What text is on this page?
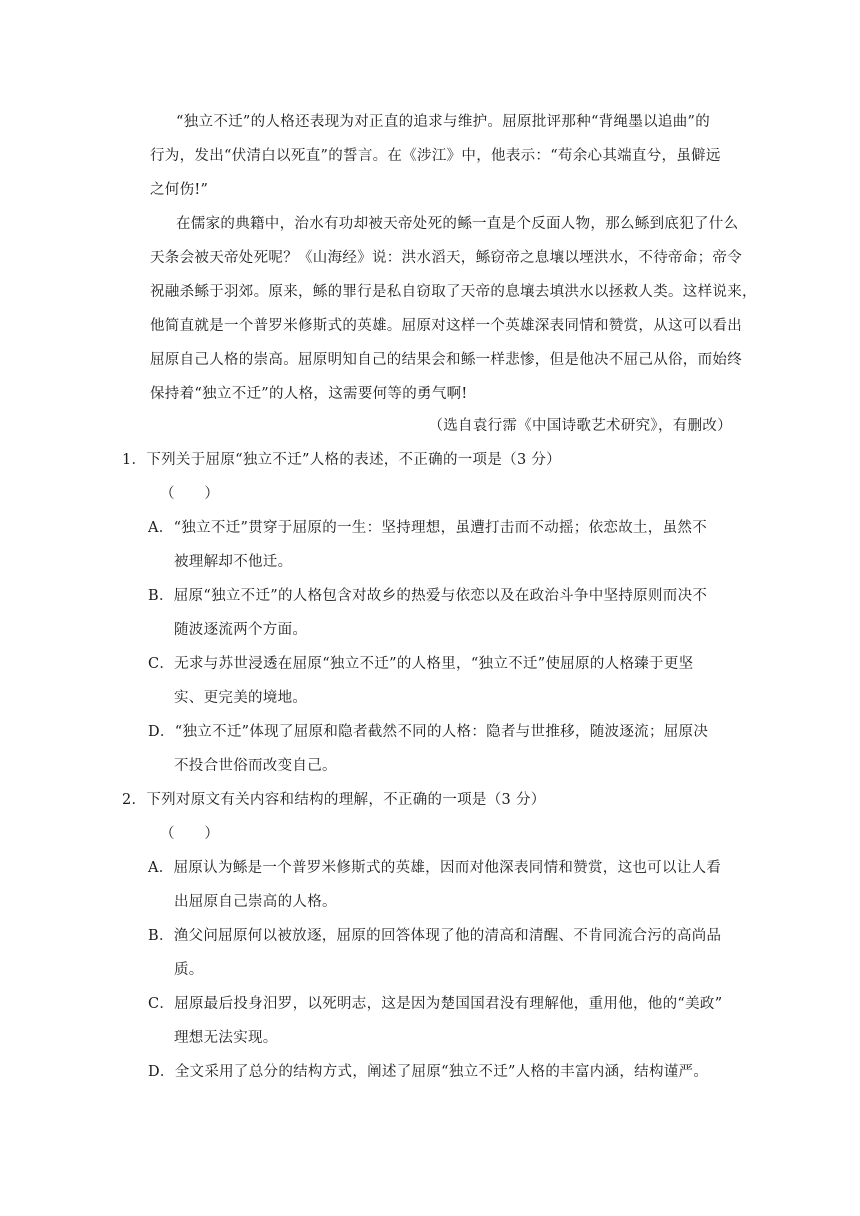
“独立不迁”的人格还表现为对正直的追求与维护。屈原批评那种“背绳墨以追曲”的
行为，发出“伏清白以死直”的誓言。在《涉江》中，他表示：“苟余心其端直兮，虽僻远
之何伤!”
在儒家的典籍中，治水有功却被天帝处死的鲧一直是个反面人物，那么鲧到底犯了什么
天条会被天帝处死呢？《山海经》说：洪水滔天，鲧窃帝之息壤以堙洪水，不待帝命；帝令
祝融杀鲧于羽郊。原来，鲧的罪行是私自窃取了天帝的息壤去填洪水以拯救人类。这样说来，
他简直就是一个普罗米修斯式的英雄。屈原对这样一个英雄深表同情和赞赏，从这可以看出
屈原自己人格的崇高。屈原明知自己的结果会和鲧一样悲惨，但是他决不屈己从俗，而始终
保持着“独立不迁”的人格，这需要何等的勇气啊!
（选自袁行霈《中国诗歌艺术研究》，有删改）
1．下列关于屈原“独立不迁”人格的表述，不正确的一项是（3 分）
（　　）
A．“独立不迁”贯穿于屈原的一生：坚持理想，虽遭打击而不动摇；依恋故土，虽然不
被理解却不他迁。
B．屈原“独立不迁”的人格包含对故乡的热爱与依恋以及在政治斗争中坚持原则而决不
随波逐流两个方面。
C．无求与苏世浸透在屈原“独立不迁”的人格里，“独立不迁”使屈原的人格臻于更坚
实、更完美的境地。
D．“独立不迁”体现了屈原和隐者截然不同的人格：隐者与世推移，随波逐流；屈原决
不投合世俗而改变自己。
2．下列对原文有关内容和结构的理解，不正确的一项是（3 分）
（　　）
A．屈原认为鲧是一个普罗米修斯式的英雄，因而对他深表同情和赞赏，这也可以让人看
出屈原自己崇高的人格。
B．渔父问屈原何以被放逐，屈原的回答体现了他的清高和清醒、不肯同流合污的高尚品
质。
C．屈原最后投身汨罗，以死明志，这是因为楚国国君没有理解他，重用他，他的“美政”
理想无法实现。
D．全文采用了总分的结构方式，阐述了屈原“独立不迁”人格的丰富内涵，结构谨严。
